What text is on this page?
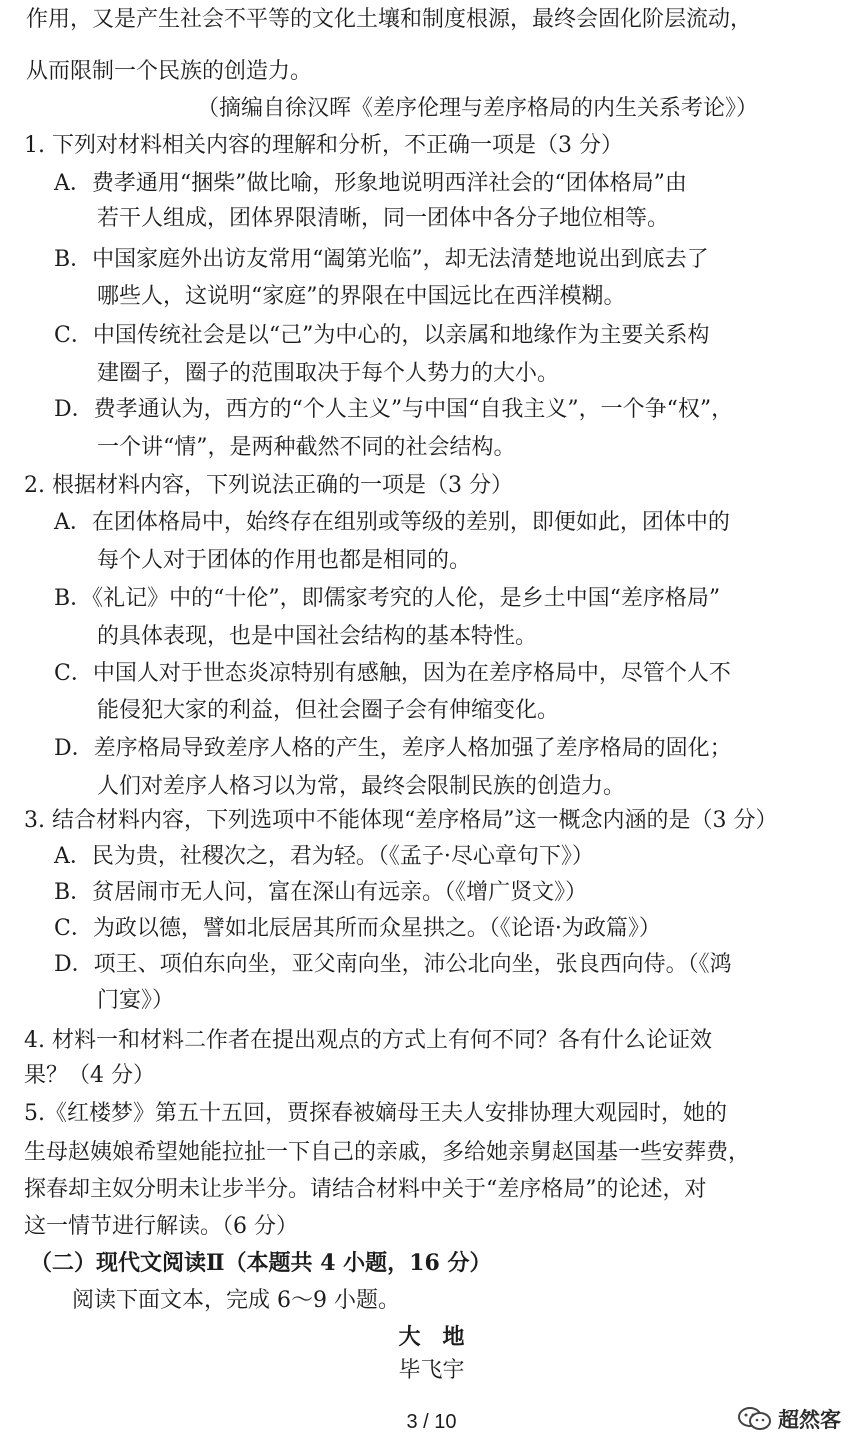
作用，又是产生社会不平等的文化土壤和制度根源，最终会固化阶层流动，
从而限制一个民族的创造力。
（摘编自徐汉晖《差序伦理与差序格局的内生关系考论》）
1. 下列对材料相关内容的理解和分析，不正确一项是（3 分）
A．费孝通用“捆柴”做比喻，形象地说明西洋社会的“团体格局”由
若干人组成，团体界限清晰，同一团体中各分子地位相等。
B．中国家庭外出访友常用“阖第光临”，却无法清楚地说出到底去了
哪些人，这说明“家庭”的界限在中国远比在西洋模糊。
C．中国传统社会是以“己”为中心的，以亲属和地缘作为主要关系构
建圈子，圈子的范围取决于每个人势力的大小。
D．费孝通认为，西方的“个人主义”与中国“自我主义”，一个争“权”，
一个讲“情”，是两种截然不同的社会结构。
2. 根据材料内容，下列说法正确的一项是（3 分）
A．在团体格局中，始终存在组别或等级的差别，即便如此，团体中的
每个人对于团体的作用也都是相同的。
B．《礼记》中的“十伦”，即儒家考究的人伦，是乡土中国“差序格局”
的具体表现，也是中国社会结构的基本特性。
C．中国人对于世态炎凉特别有感触，因为在差序格局中，尽管个人不
能侵犯大家的利益，但社会圈子会有伸缩变化。
D．差序格局导致差序人格的产生，差序人格加强了差序格局的固化；
人们对差序人格习以为常，最终会限制民族的创造力。
3. 结合材料内容，下列选项中不能体现“差序格局”这一概念内涵的是（3 分）
A．民为贵，社稷次之，君为轻。（《孟子·尽心章句下》）
B．贫居闹市无人问，富在深山有远亲。（《增广贤文》）
C．为政以德，譬如北辰居其所而众星拱之。（《论语·为政篇》）
D．项王、项伯东向坐，亚父南向坐，沛公北向坐，张良西向侍。（《鸿
门宴》）
4. 材料一和材料二作者在提出观点的方式上有何不同？各有什么论证效
果？（4 分）
5.《红楼梦》第五十五回，贾探春被嫡母王夫人安排协理大观园时，她的
生母赵姨娘希望她能拉扯一下自己的亲戚，多给她亲舅赵国基一些安葬费，
探春却主奴分明未让步半分。请结合材料中关于“差序格局”的论述，对
这一情节进行解读。（6 分）
（二）现代文阅读Ⅱ（本题共 4 小题，16 分）
阅读下面文本，完成 6～9 小题。
大　地
毕飞宇
3 / 10	超然客
